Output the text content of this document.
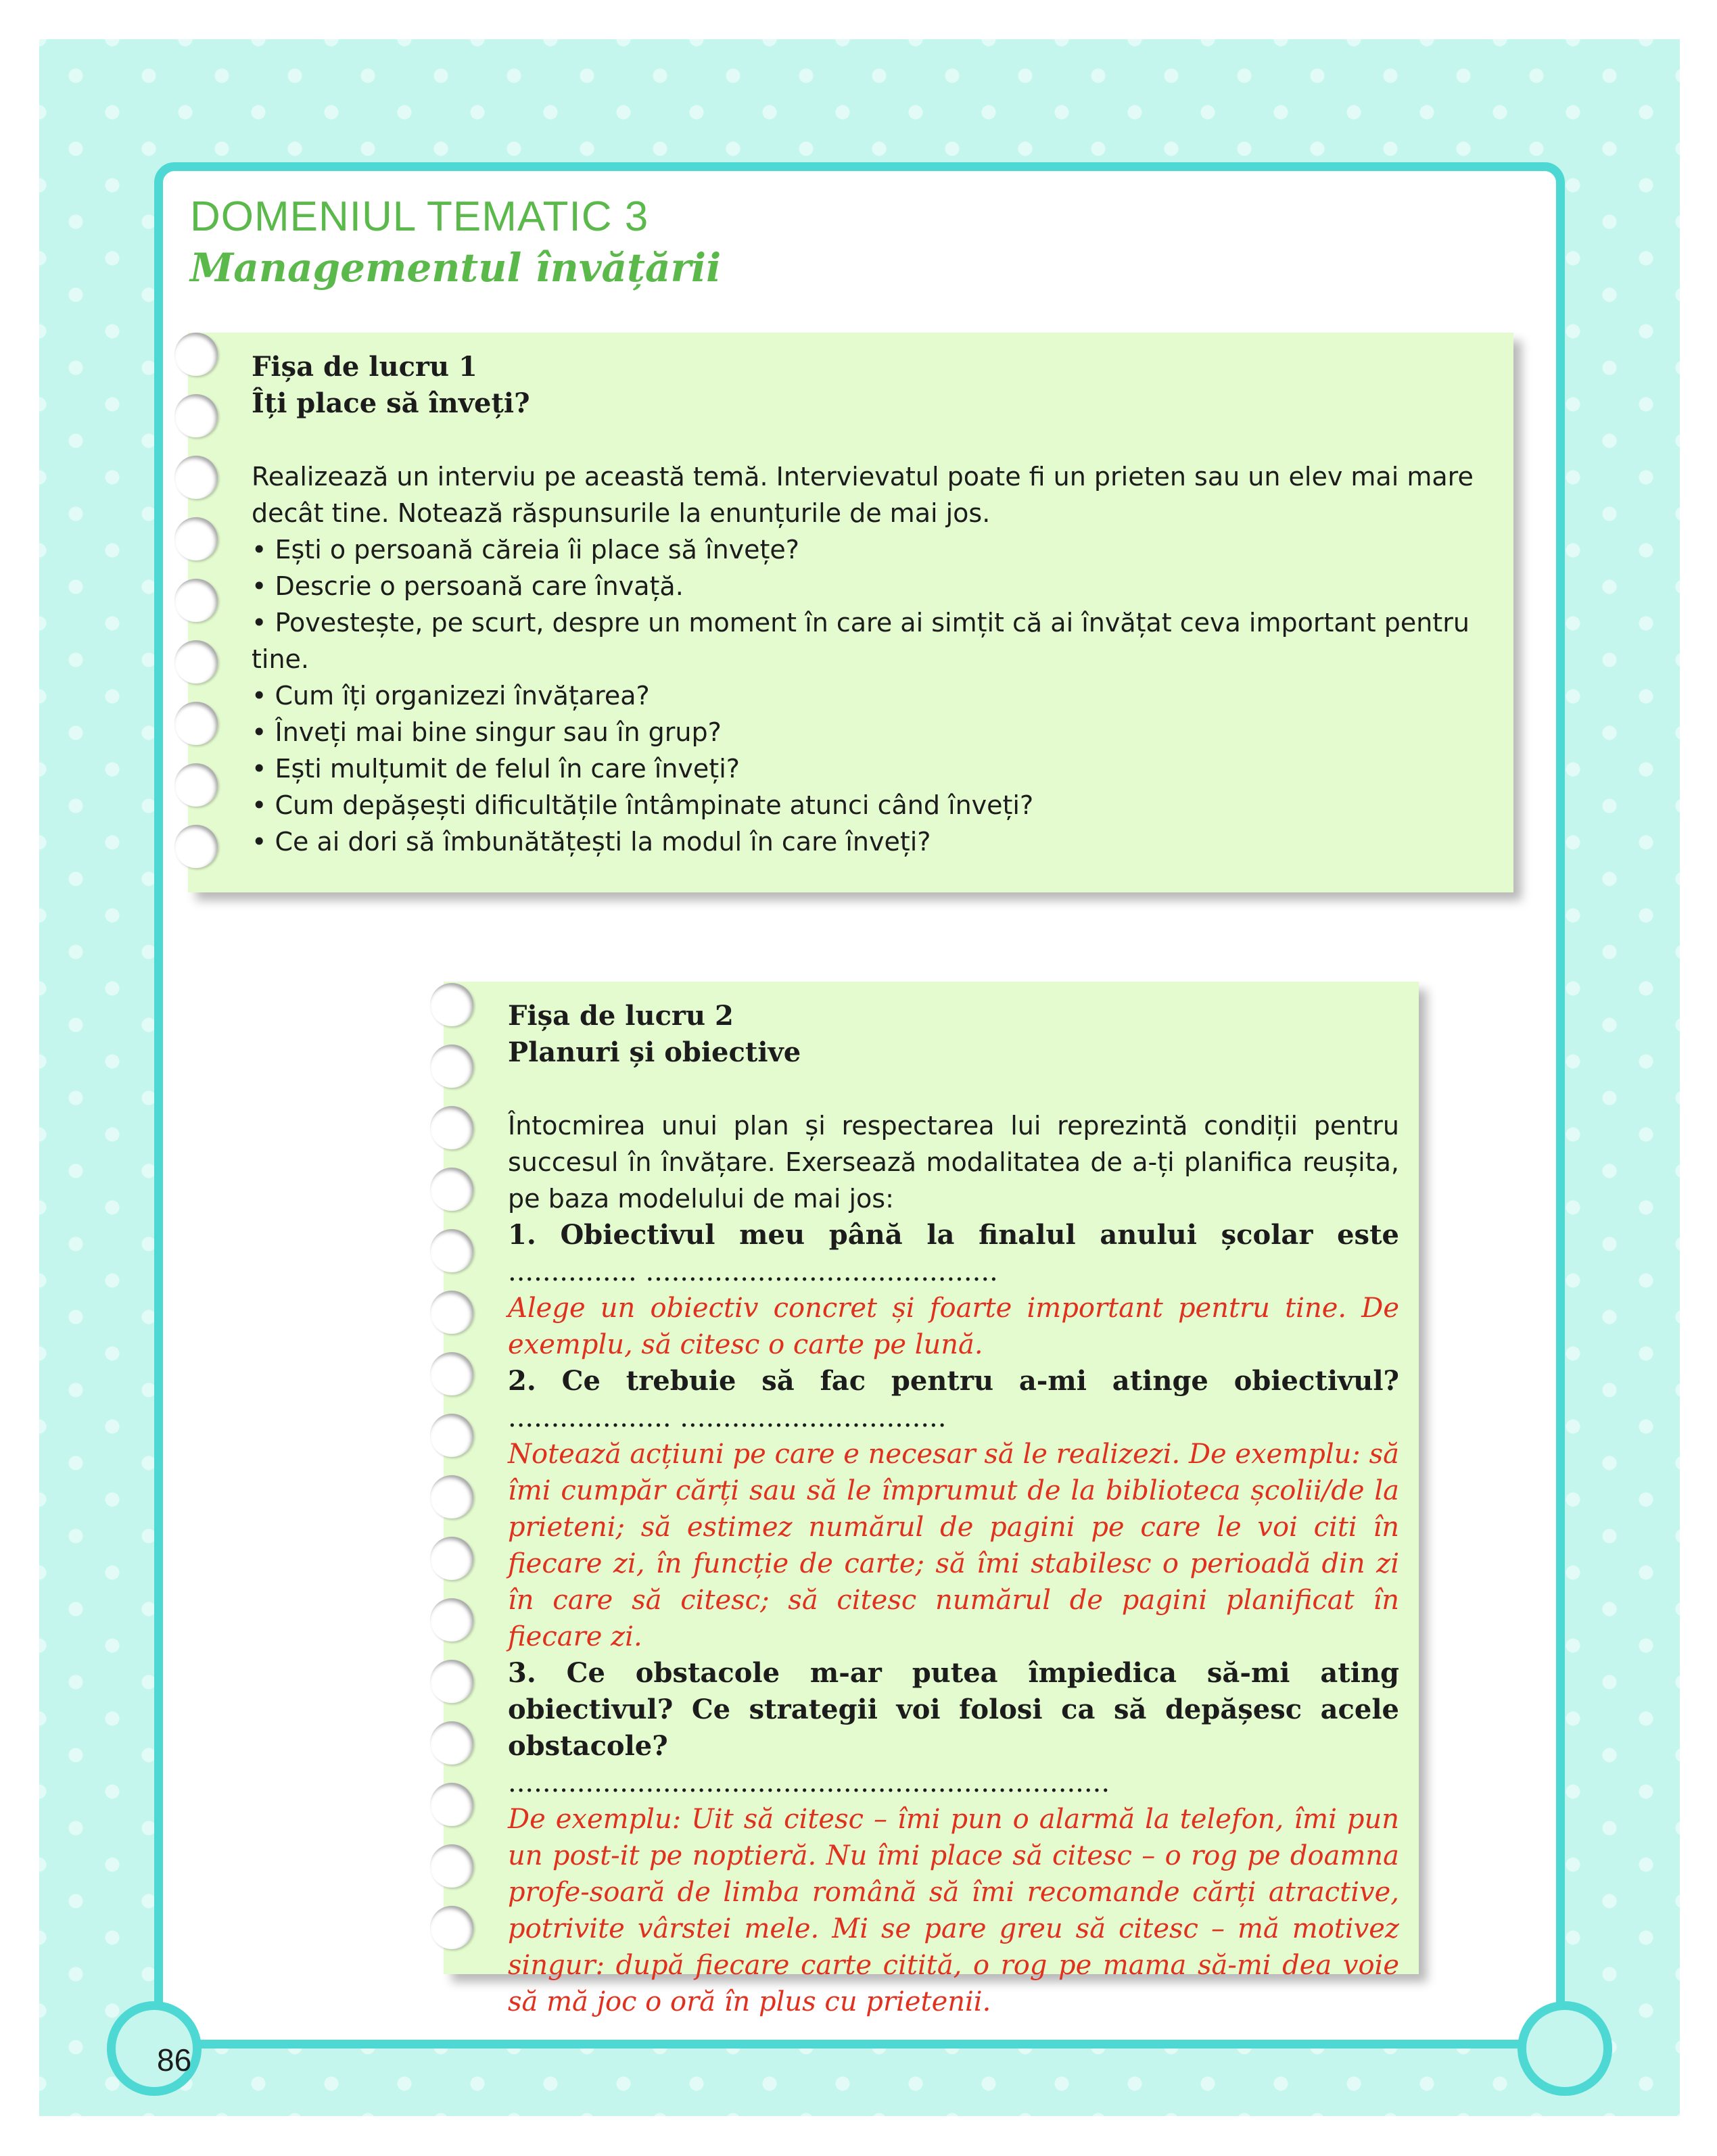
DOMENIUL TEMATIC 3
Managementul învățării

Fișa de lucru 1

Îți place să înveți?

Realizează un interviu pe această temă. Intervievatul poate fi un prieten sau un elev mai mare decât tine. Notează răspunsurile la enunțurile de mai jos.

• Ești o persoană căreia îi place să învețe?

• Descrie o persoană care învață.

• Povestește, pe scurt, despre un moment în care ai simțit că ai învățat ceva important pentru tine.

• Cum îți organizezi învățarea?

• Înveți mai bine singur sau în grup?

• Ești mulțumit de felul în care înveți?

• Cum depășești dificultățile întâmpinate atunci când înveți?

• Ce ai dori să îmbunătățești la modul în care înveți?

Fișa de lucru 2

Planuri și obiective

Întocmirea unui plan și respectarea lui reprezintă condiții pentru succesul în învățare. Exersează modalitatea de a-ți planifica reușita, pe baza modelului de mai jos:

1. Obiectivul meu până la finalul anului școlar este ............... .........................................

Alege un obiectiv concret și foarte important pentru tine. De exemplu, să citesc o carte pe lună.

2. Ce trebuie să fac pentru a-mi atinge obiectivul? ................... ...............................

Notează acțiuni pe care e necesar să le realizezi. De exemplu: să îmi cumpăr cărți sau să le împrumut de la biblioteca școlii/de la prieteni; să estimez numărul de pagini pe care le voi citi în fiecare zi, în funcție de carte; să îmi stabilesc o perioadă din zi în care să citesc; să citesc numărul de pagini planificat în fiecare zi.

3. Ce obstacole m-ar putea împiedica să-mi ating obiectivul? Ce strategii voi folosi ca să depășesc acele obstacole?

......................................................................

De exemplu: Uit să citesc – îmi pun o alarmă la telefon, îmi pun un post-it pe noptieră. Nu îmi place să citesc – o rog pe doamna profe-soară de limba română să îmi recomande cărți atractive, potrivite vârstei mele. Mi se pare greu să citesc – mă motivez singur: după fiecare carte citită, o rog pe mama să-mi dea voie să mă joc o oră în plus cu prietenii.

86
